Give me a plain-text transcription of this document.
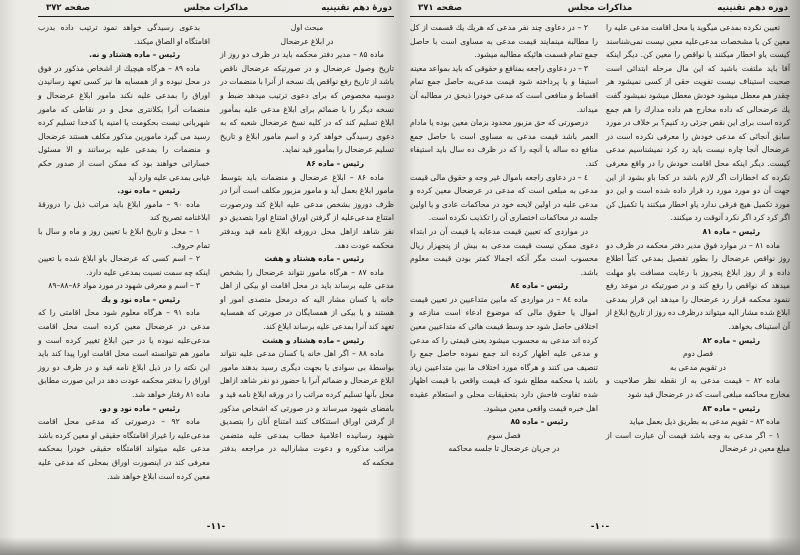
دورهٔ دهم تقنینیه
مذاکرات مجلس
صفحه ۳۷۲

بدعوی رسیدگی خواهد نمود ترتیب داده بدرب اقامتگاه او الصاق میکند.

رئیس – ماده هشتاد و نه.

ماده ۸۹ – هرگاه هیچیك از اشخاص مذکور در فوق در محل نبوده و از همسایه ها نیز کسی تعهد رسانیدن اوراق را بمدعی علیه نکند مامور ابلاغ عرضحال و منضمات آنرا بکلانتری محل و در نقاطی که مامور شهربانی نیست بحکومت یا امنیه یا کدخدا تسلیم کرده رسید می گیرد مامورین مذکور مکلف هستند عرضحال و منضمات را بمدعی علیه برسانند و الا مسئول خساراتی خواهند بود که ممکن است از صدور حکم غیابی بمدعی علیه وارد آید

رئیس – ماده نود.

ماده ۹۰ – مامور ابلاغ باید مراتب ذیل را درورقهٔ ابلاغنامه تصریح کند

۱ – محل و تاریخ ابلاغ با تعیین روز و ماه و سال با تمام حروف.

۲ – اسم کسی که عرضحال باو ابلاغ شده با تعیین اینکه چه سمت نسبت بمدعی علیه دارد.

۳ – اسم و معرفی شهود در مورد مواد ۸۶–۸۸–۸۹

رئیس – ماده نود و یك

ماده ۹۱ – هرگاه معلوم شود محل اقامتی را که مدعی در عرضحال معین کرده است محل اقامت مدعی‌علیه نبوده یا در حین ابلاغ تغییر کرده است و مامور هم نتوانسته است محل اقامت اورا پیدا کند باید این نکته را در ذیل ابلاغ نامه قید و در ظرف دو روز اوراق را بدفتر محکمه عودت دهد در این صورت مطابق ماده ۸۱ رفتار خواهد شد.

رئیس – ماده نود و دو.

ماده ۹۲ – درصورتی که مدعی محل اقامت مدعی‌علیه را غیراز اقامتگاه حقیقی او معین کرده باشد مدعی علیه میتواند اقامتگاه حقیقی خودرا بمحکمه معرفی کند در اینصورت اوراق بمحلی که مدعی علیه معین کرده است ابلاغ خواهد شد.

مبحث اول

در ابلاغ عرضحال

ماده ۸۵ – مدیر دفتر محکمه باید در ظرف دو روز از تاریخ وصول عرضحال و در صورتیکه عرضحال ناقص باشد از تاریخ رفع نواقص یك نسخه از آنرا با منضمات در دوسیه مخصوص که برای دعوی ترتیب میدهد ضبط و نسخه دیگر را با ضمائم برای ابلاغ مدعی علیه بمأمور ابلاغ تسلیم کند که در کلیه نسخ عرضحال شعبه که به دعوی رسیدگی خواهد کرد و اسم مامور ابلاغ و تاریخ تسلیم عرضحال را بمأمور قید نماید.

رئیس – ماده ۸۶

ماده ۸۶ – ابلاغ عرضحال و منضمات باید بتوسط مامور ابلاغ بعمل آید و مامور مزبور مکلف است آنرا در ظرف دوروز بشخص مدعی علیه ابلاغ کند ودرصورت امتناع مدعی‌علیه از گرفتن اوراق امتناع اورا بتصدیق دو نفر شاهد ازاهل محل درورقه ابلاغ نامه قید وبدفتر محکمه عودت دهد.

رئیس – ماده هشتاد و هفت

ماده ۸۷ – هرگاه مامور نتواند عرضحال را بشخص مدعی علیه برساند باید در محل اقامت او بیکی از اهل خانه یا کسان مشار الیه که درمحل متصدی امور او هستند و یا بیکی از همسایگان در صورتی که همسایه تعهد کند آنرا بمدعی علیه برساند ابلاغ کند.

رئیس – ماده هشتاد و هشت

ماده ۸۸ – اگر اهل خانه یا کسان مدعی علیه نتواند بواسطهٔ بی سوادی یا بجهت دیگری رسید بدهند مامور ابلاغ عرضحال و ضمائم آنرا با حضور دو نفر شاهد ازاهل محل بآنها تسلیم کرده مراتب را در ورقه ابلاغ نامه قید و بامضای شهود میرساند و در صورتی که اشخاص مذکور از گرفتن اوراق استنکاف کنند امتناع آنان را بتصدیق شهود رسانیده اعلامیهٔ خطاب بمدعی علیه متضمن مراتب مذکوره و دعوت مشارالیه در مراجعه بدفتر محکمه که

-۱۱-
دوره دهم تقنینیه
مذاکرات مجلس
صفحه ۳۷۱

۲ – در دعاوی چند نفر مدعی که هریك یك قسمت از کل را مطالبه مینمایند قیمت مدعی به مساوی است با حاصل جمع تمام قسمت هائیکه مطالبه میشود.

۳ – در دعاوی راجعه بمنافع و حقوقی که باید بمواعد معینه استیفا و یا پرداخته شود قیمت مدعی‌به حاصل جمع تمام اقساط و منافعی است که مدعی خودرا ذیحق در مطالبه آن میداند.

درصورتی که حق مزبور محدود بزمان معین بوده یا مادام العمر باشد قیمت مدعی به مساوی است با حاصل جمع منافع ده ساله یا آنچه را که در ظرف ده سال باید استیفاء کند.

٤ – در دعاوی راجعه باموال غیر وجه و حقوق مالی قیمت مدعی به مبلغی است که مدعی در عرضحال معین کرده و مدعی علیه در اولین لایحه خود در محاکمات عادی و یا اولین جلسه در محاکمات اختصاری آن را تکذیب نکرده است.

در مواردی که تعیین قیمت مدعابه یا قیمت آن در ابتداء دعوی ممکن نیست قیمت مدعی به بیش از پنجهزار ریال محسوب است مگر آنکه اجمالا کمتر بودن قیمت معلوم باشد.

رئیس – ماده ۸٤

ماده ۸٤ – در مواردی که مابین متداعیین در تعیین قیمت اموال یا حقوق مالی که موضوع ادعاء است منازعه و اختلافی حاصل شود حد وسط قیمت هائی که متداعیین معین کرده اند مدعی به محسوب میشود یعنی قیمتی را که مدعی و مدعی علیه اظهار کرده اند جمع نموده حاصل جمع را تنصیف می کنند و هرگاه مورد اختلاف ما بین متداعیین زیاد باشد یا محکمه مطلع شود که قیمت واقعی با قیمت اظهار شده تفاوت فاحش دارد بتحقیقات محلی و استعلام عقیده اهل خبره قیمت واقعی معین میشود.

رئیس – ماده ۸۵

فصل سوم

در جریان عرضحال تا جلسه محاکمه

تعیین نکرده بمدعی میگوید یا محل اقامت مدعی علیه را معین کن یا مشخصات مدعی‌علیه معین نیست نمی‌شناسند کیست یاو اخطار میکنند یا نواقص را معین کن. دیگر اینکه آقا باید ملتفت باشید که این مال مرحله ابتدائی است صحبت استیناف نیست تفویت حقی از کسی نمیشود هر چقدر هم معطل میشود خودش معطل میشود نمیشود گفت یك عرضحالی که داده مخارج هم داده مدارك را هم جمع کرده است برای این نقص جزئی رد کنیم؟ بر خلاف در مورد سابق آنجائی که مدعی خودش را معرفی نکرده است در عرضحال آنجا چاره نیست باید رد کرد نمیشناسیم مدعی کیست. دیگر اینکه محل اقامت خودش را در واقع معرفی نکرده که اخطارات اگر لازم باشد در کجا باو بشود از این جهت آن دو مورد مورد رد قرار داده شده است و این دو مورد تکمیل هیچ فرقی ندارد یاو اخطار میکنند یا تکمیل کن اگر کرد کرد اگر نکرد آنوقت رد میکنند.

رئیس – ماده ۸۱

ماده ۸۱ – در موارد فوق مدیر دفتر محکمه در ظرف دو روز نواقص عرضحال را بطور تفصیل بمدعی کتباً اطلاع داده و از روز ابلاغ پنجروز با رعایت مسافت باو مهلت میدهد که نواقص را رفع کند و در صورتیکه در موعد رفع ننمود محکمه قرار رد عرضحال را میدهد این قرار بمدعی ابلاغ شده مشار الیه میتواند درظرف ده روز از تاریخ ابلاغ از آن استیناف بخواهد.

رئیس – ماده ۸۲

فصل دوم

در تقویم مدعی به

ماده ۸۲ – قیمت مدعی به از نقطه نظر صلاحیت و مخارج محاکمه مبلغی است که در عرضحال قید شود

رئیس – ماده ۸۳

ماده ۸۳ – تقویم مدعی به بطریق ذیل بعمل میاید

۱ – اگر مدعی به وجه باشد قیمت آن عبارت است از مبلغ معین در عرضحال

-۱۰-
